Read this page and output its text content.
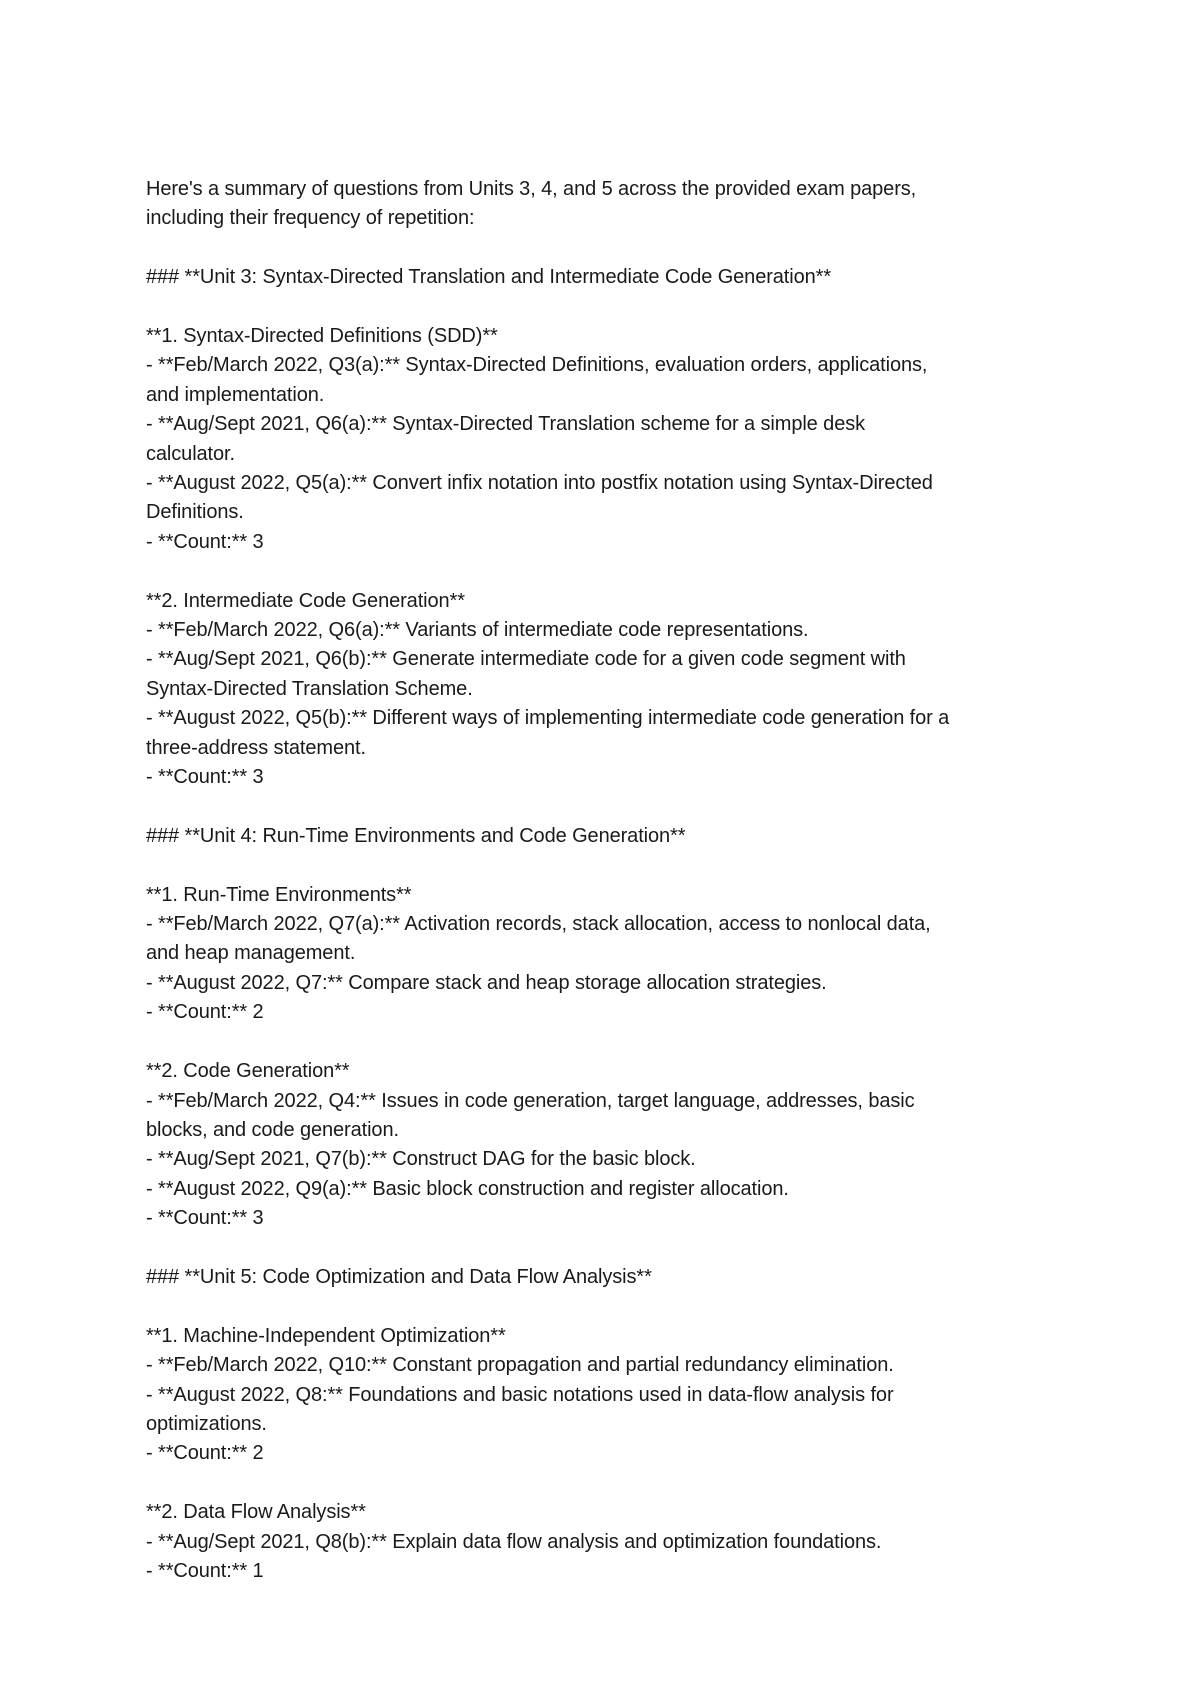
Here's a summary of questions from Units 3, 4, and 5 across the provided exam papers,
including their frequency of repetition:
### **Unit 3: Syntax-Directed Translation and Intermediate Code Generation**
**1. Syntax-Directed Definitions (SDD)**
- **Feb/March 2022, Q3(a):** Syntax-Directed Definitions, evaluation orders, applications,
and implementation.
- **Aug/Sept 2021, Q6(a):** Syntax-Directed Translation scheme for a simple desk
calculator.
- **August 2022, Q5(a):** Convert infix notation into postfix notation using Syntax-Directed
Definitions.
- **Count:** 3
**2. Intermediate Code Generation**
- **Feb/March 2022, Q6(a):** Variants of intermediate code representations.
- **Aug/Sept 2021, Q6(b):** Generate intermediate code for a given code segment with
Syntax-Directed Translation Scheme.
- **August 2022, Q5(b):** Different ways of implementing intermediate code generation for a
three-address statement.
- **Count:** 3
### **Unit 4: Run-Time Environments and Code Generation**
**1. Run-Time Environments**
- **Feb/March 2022, Q7(a):** Activation records, stack allocation, access to nonlocal data,
and heap management.
- **August 2022, Q7:** Compare stack and heap storage allocation strategies.
- **Count:** 2
**2. Code Generation**
- **Feb/March 2022, Q4:** Issues in code generation, target language, addresses, basic
blocks, and code generation.
- **Aug/Sept 2021, Q7(b):** Construct DAG for the basic block.
- **August 2022, Q9(a):** Basic block construction and register allocation.
- **Count:** 3
### **Unit 5: Code Optimization and Data Flow Analysis**
**1. Machine-Independent Optimization**
- **Feb/March 2022, Q10:** Constant propagation and partial redundancy elimination.
- **August 2022, Q8:** Foundations and basic notations used in data-flow analysis for
optimizations.
- **Count:** 2
**2. Data Flow Analysis**
- **Aug/Sept 2021, Q8(b):** Explain data flow analysis and optimization foundations.
- **Count:** 1
